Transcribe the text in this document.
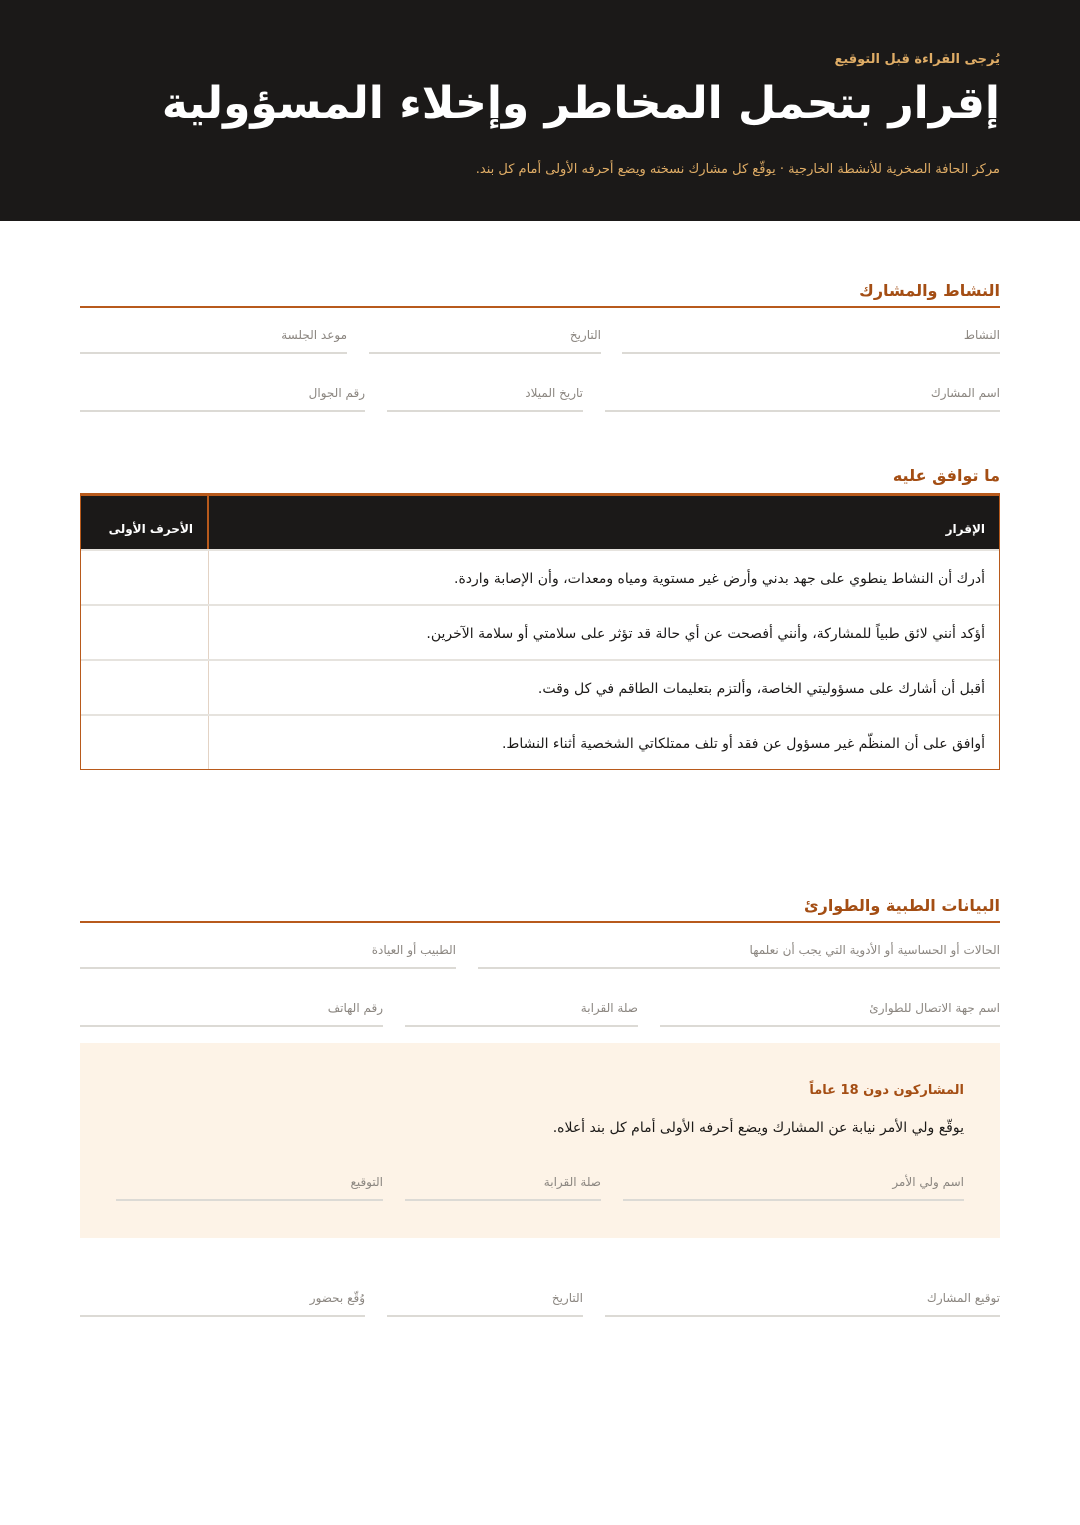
يُرجى القراءة قبل التوقيع
إقرار بتحمل المخاطر وإخلاء المسؤولية
مركز الحافة الصخرية للأنشطة الخارجية · يوقّع كل مشارك نسخته ويضع أحرفه الأولى أمام كل بند.
النشاط والمشارك
النشاط
التاريخ
موعد الجلسة
اسم المشارك
تاريخ الميلاد
رقم الجوال
ما توافق عليه
الإقرار
الأحرف الأولى
أدرك أن النشاط ينطوي على جهد بدني وأرض غير مستوية ومياه ومعدات، وأن الإصابة واردة.
أؤكد أنني لائق طبياً للمشاركة، وأنني أفصحت عن أي حالة قد تؤثر على سلامتي أو سلامة الآخرين.
أقبل أن أشارك على مسؤوليتي الخاصة، وألتزم بتعليمات الطاقم في كل وقت.
أوافق على أن المنظّم غير مسؤول عن فقد أو تلف ممتلكاتي الشخصية أثناء النشاط.
البيانات الطبية والطوارئ
الحالات أو الحساسية أو الأدوية التي يجب أن نعلمها
الطبيب أو العيادة
اسم جهة الاتصال للطوارئ
صلة القرابة
رقم الهاتف
المشاركون دون 18 عاماً
يوقّع ولي الأمر نيابة عن المشارك ويضع أحرفه الأولى أمام كل بند أعلاه.
اسم ولي الأمر
صلة القرابة
التوقيع
توقيع المشارك
التاريخ
وُقّع بحضور
